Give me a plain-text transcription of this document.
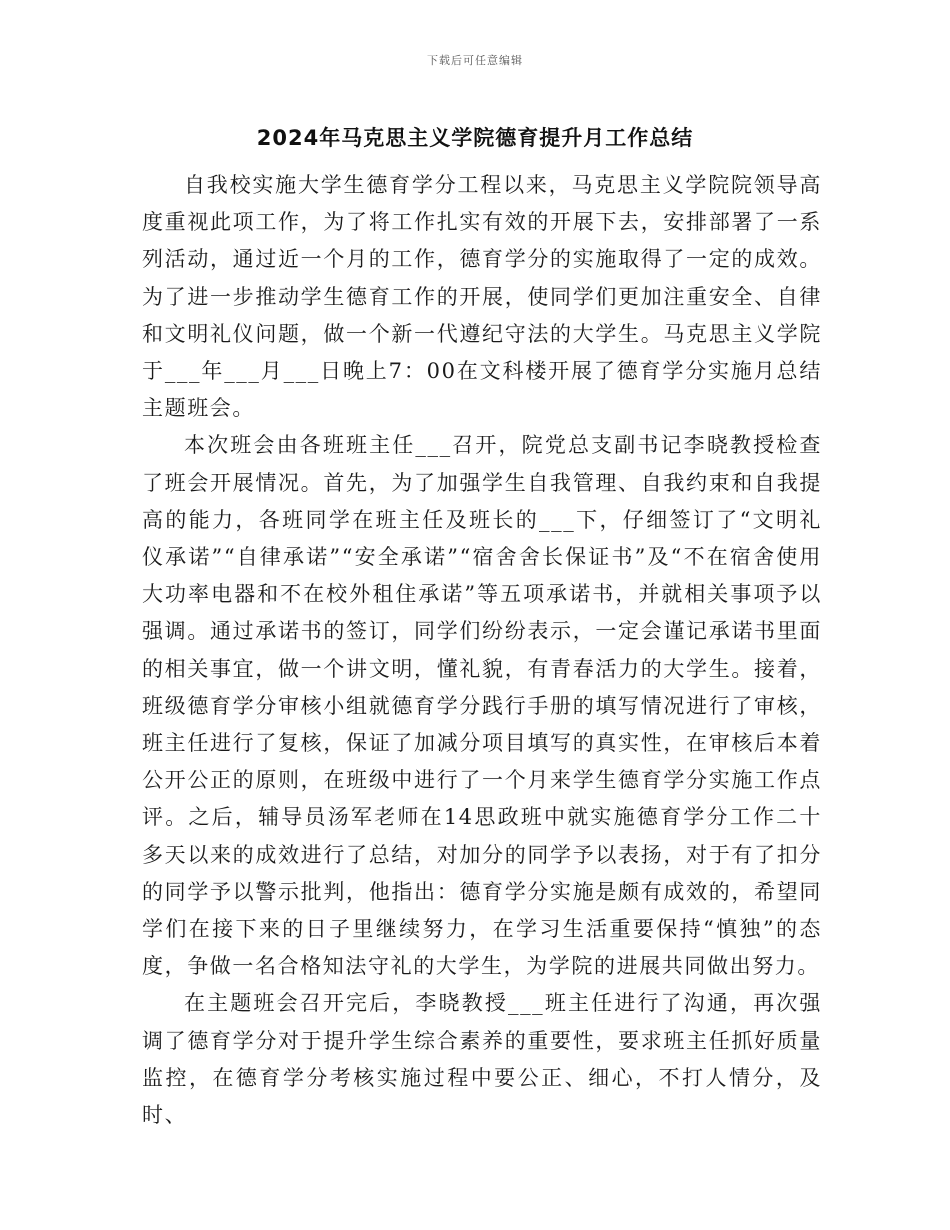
下载后可任意编辑
2024年马克思主义学院德育提升月工作总结

自我校实施大学生德育学分工程以来，马克思主义学院院领导高度重视此项工作，为了将工作扎实有效的开展下去，安排部署了一系列活动，通过近一个月的工作，德育学分的实施取得了一定的成效。为了进一步推动学生德育工作的开展，使同学们更加注重安全、自律和文明礼仪问题，做一个新一代遵纪守法的大学生。马克思主义学院于___年___月___日晚上7：00在文科楼开展了德育学分实施月总结主题班会。

本次班会由各班班主任___召开，院党总支副书记李晓教授检查了班会开展情况。首先，为了加强学生自我管理、自我约束和自我提高的能力，各班同学在班主任及班长的___下，仔细签订了“文明礼仪承诺”“自律承诺”“安全承诺”“宿舍舍长保证书”及“不在宿舍使用大功率电器和不在校外租住承诺”等五项承诺书，并就相关事项予以强调。通过承诺书的签订，同学们纷纷表示，一定会谨记承诺书里面的相关事宜，做一个讲文明，懂礼貌，有青春活力的大学生。接着，班级德育学分审核小组就德育学分践行手册的填写情况进行了审核，班主任进行了复核，保证了加减分项目填写的真实性，在审核后本着公开公正的原则，在班级中进行了一个月来学生德育学分实施工作点评。之后，辅导员汤军老师在14思政班中就实施德育学分工作二十多天以来的成效进行了总结，对加分的同学予以表扬，对于有了扣分的同学予以警示批判，他指出：德育学分实施是颇有成效的，希望同学们在接下来的日子里继续努力，在学习生活重要保持“慎独”的态度，争做一名合格知法守礼的大学生，为学院的进展共同做出努力。

在主题班会召开完后，李晓教授___班主任进行了沟通，再次强调了德育学分对于提升学生综合素养的重要性，要求班主任抓好质量监控，在德育学分考核实施过程中要公正、细心，不打人情分，及时、
